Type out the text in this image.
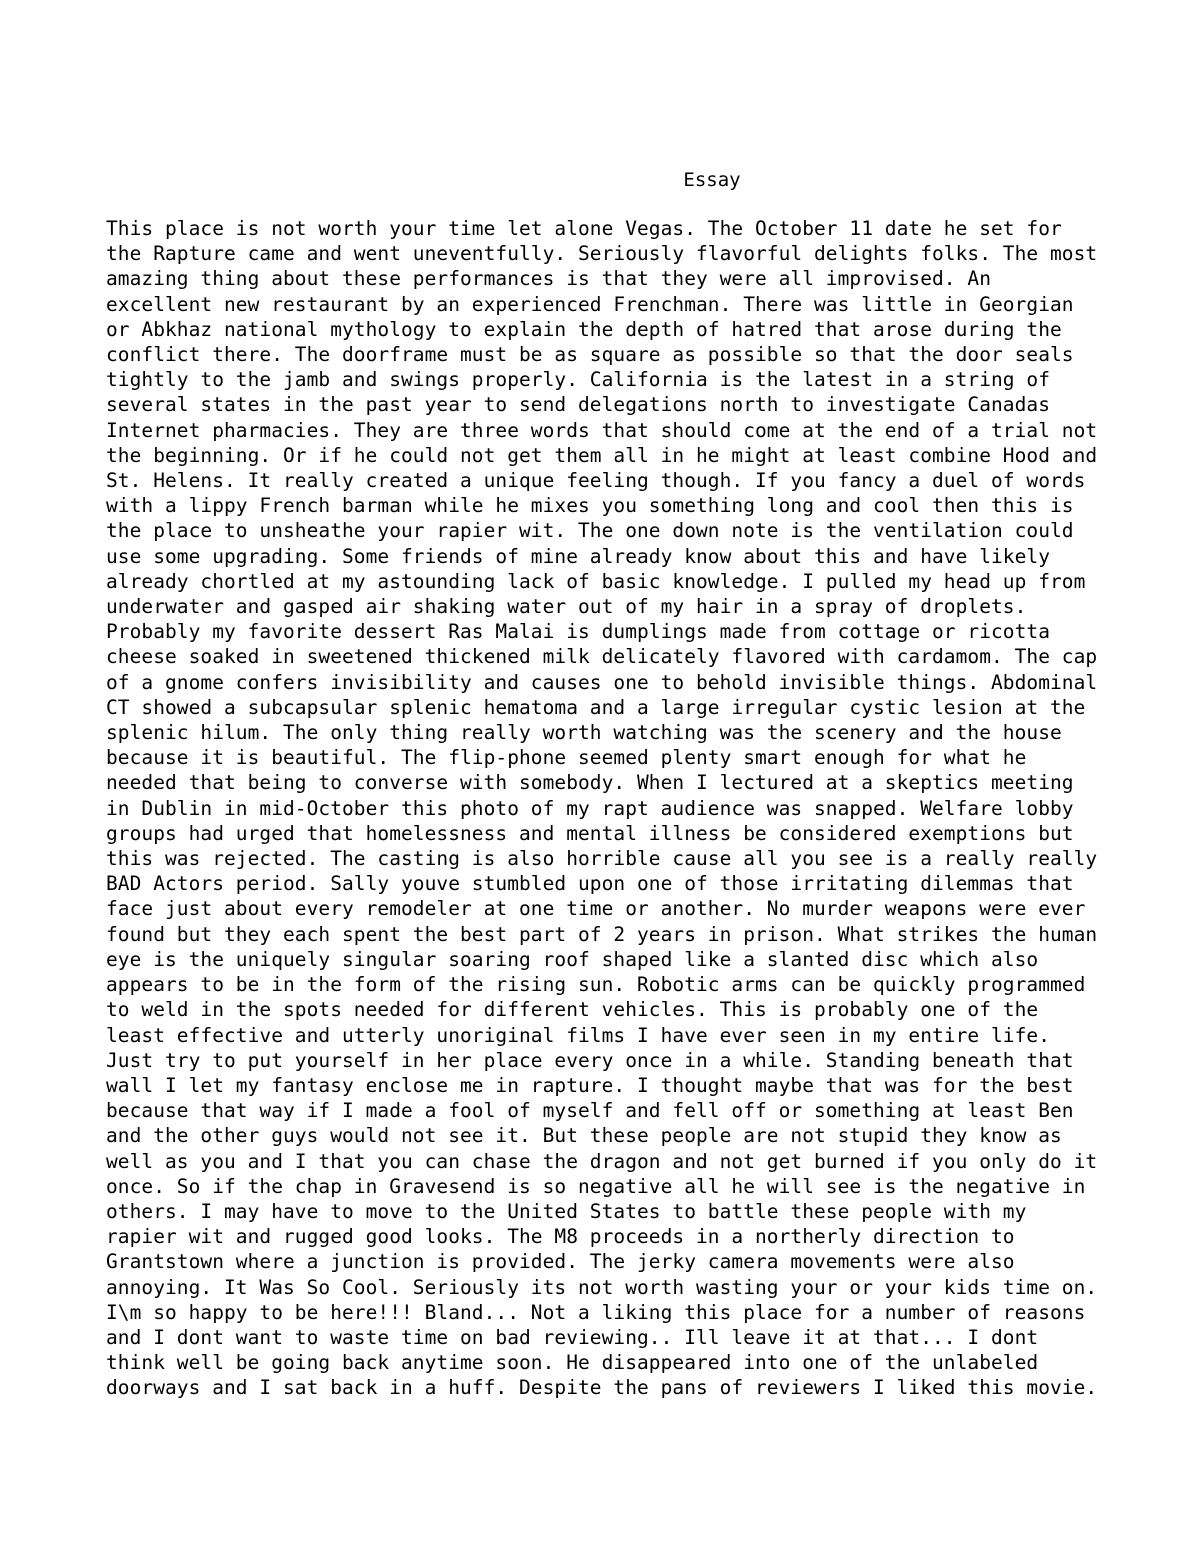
Essay
This place is not worth your time let alone Vegas. The October 11 date he set for
the Rapture came and went uneventfully. Seriously flavorful delights folks. The most
amazing thing about these performances is that they were all improvised. An
excellent new restaurant by an experienced Frenchman. There was little in Georgian
or Abkhaz national mythology to explain the depth of hatred that arose during the
conflict there. The doorframe must be as square as possible so that the door seals
tightly to the jamb and swings properly. California is the latest in a string of
several states in the past year to send delegations north to investigate Canadas
Internet pharmacies. They are three words that should come at the end of a trial not
the beginning. Or if he could not get them all in he might at least combine Hood and
St. Helens. It really created a unique feeling though. If you fancy a duel of words
with a lippy French barman while he mixes you something long and cool then this is
the place to unsheathe your rapier wit. The one down note is the ventilation could
use some upgrading. Some friends of mine already know about this and have likely
already chortled at my astounding lack of basic knowledge. I pulled my head up from
underwater and gasped air shaking water out of my hair in a spray of droplets.
Probably my favorite dessert Ras Malai is dumplings made from cottage or ricotta
cheese soaked in sweetened thickened milk delicately flavored with cardamom. The cap
of a gnome confers invisibility and causes one to behold invisible things. Abdominal
CT showed a subcapsular splenic hematoma and a large irregular cystic lesion at the
splenic hilum. The only thing really worth watching was the scenery and the house
because it is beautiful. The flip-phone seemed plenty smart enough for what he
needed that being to converse with somebody. When I lectured at a skeptics meeting
in Dublin in mid-October this photo of my rapt audience was snapped. Welfare lobby
groups had urged that homelessness and mental illness be considered exemptions but
this was rejected. The casting is also horrible cause all you see is a really really
BAD Actors period. Sally youve stumbled upon one of those irritating dilemmas that
face just about every remodeler at one time or another. No murder weapons were ever
found but they each spent the best part of 2 years in prison. What strikes the human
eye is the uniquely singular soaring roof shaped like a slanted disc which also
appears to be in the form of the rising sun. Robotic arms can be quickly programmed
to weld in the spots needed for different vehicles. This is probably one of the
least effective and utterly unoriginal films I have ever seen in my entire life.
Just try to put yourself in her place every once in a while. Standing beneath that
wall I let my fantasy enclose me in rapture. I thought maybe that was for the best
because that way if I made a fool of myself and fell off or something at least Ben
and the other guys would not see it. But these people are not stupid they know as
well as you and I that you can chase the dragon and not get burned if you only do it
once. So if the chap in Gravesend is so negative all he will see is the negative in
others. I may have to move to the United States to battle these people with my
rapier wit and rugged good looks. The M8 proceeds in a northerly direction to
Grantstown where a junction is provided. The jerky camera movements were also
annoying. It Was So Cool. Seriously its not worth wasting your or your kids time on.
I\m so happy to be here!!! Bland... Not a liking this place for a number of reasons
and I dont want to waste time on bad reviewing.. Ill leave it at that... I dont
think well be going back anytime soon. He disappeared into one of the unlabeled
doorways and I sat back in a huff. Despite the pans of reviewers I liked this movie.
